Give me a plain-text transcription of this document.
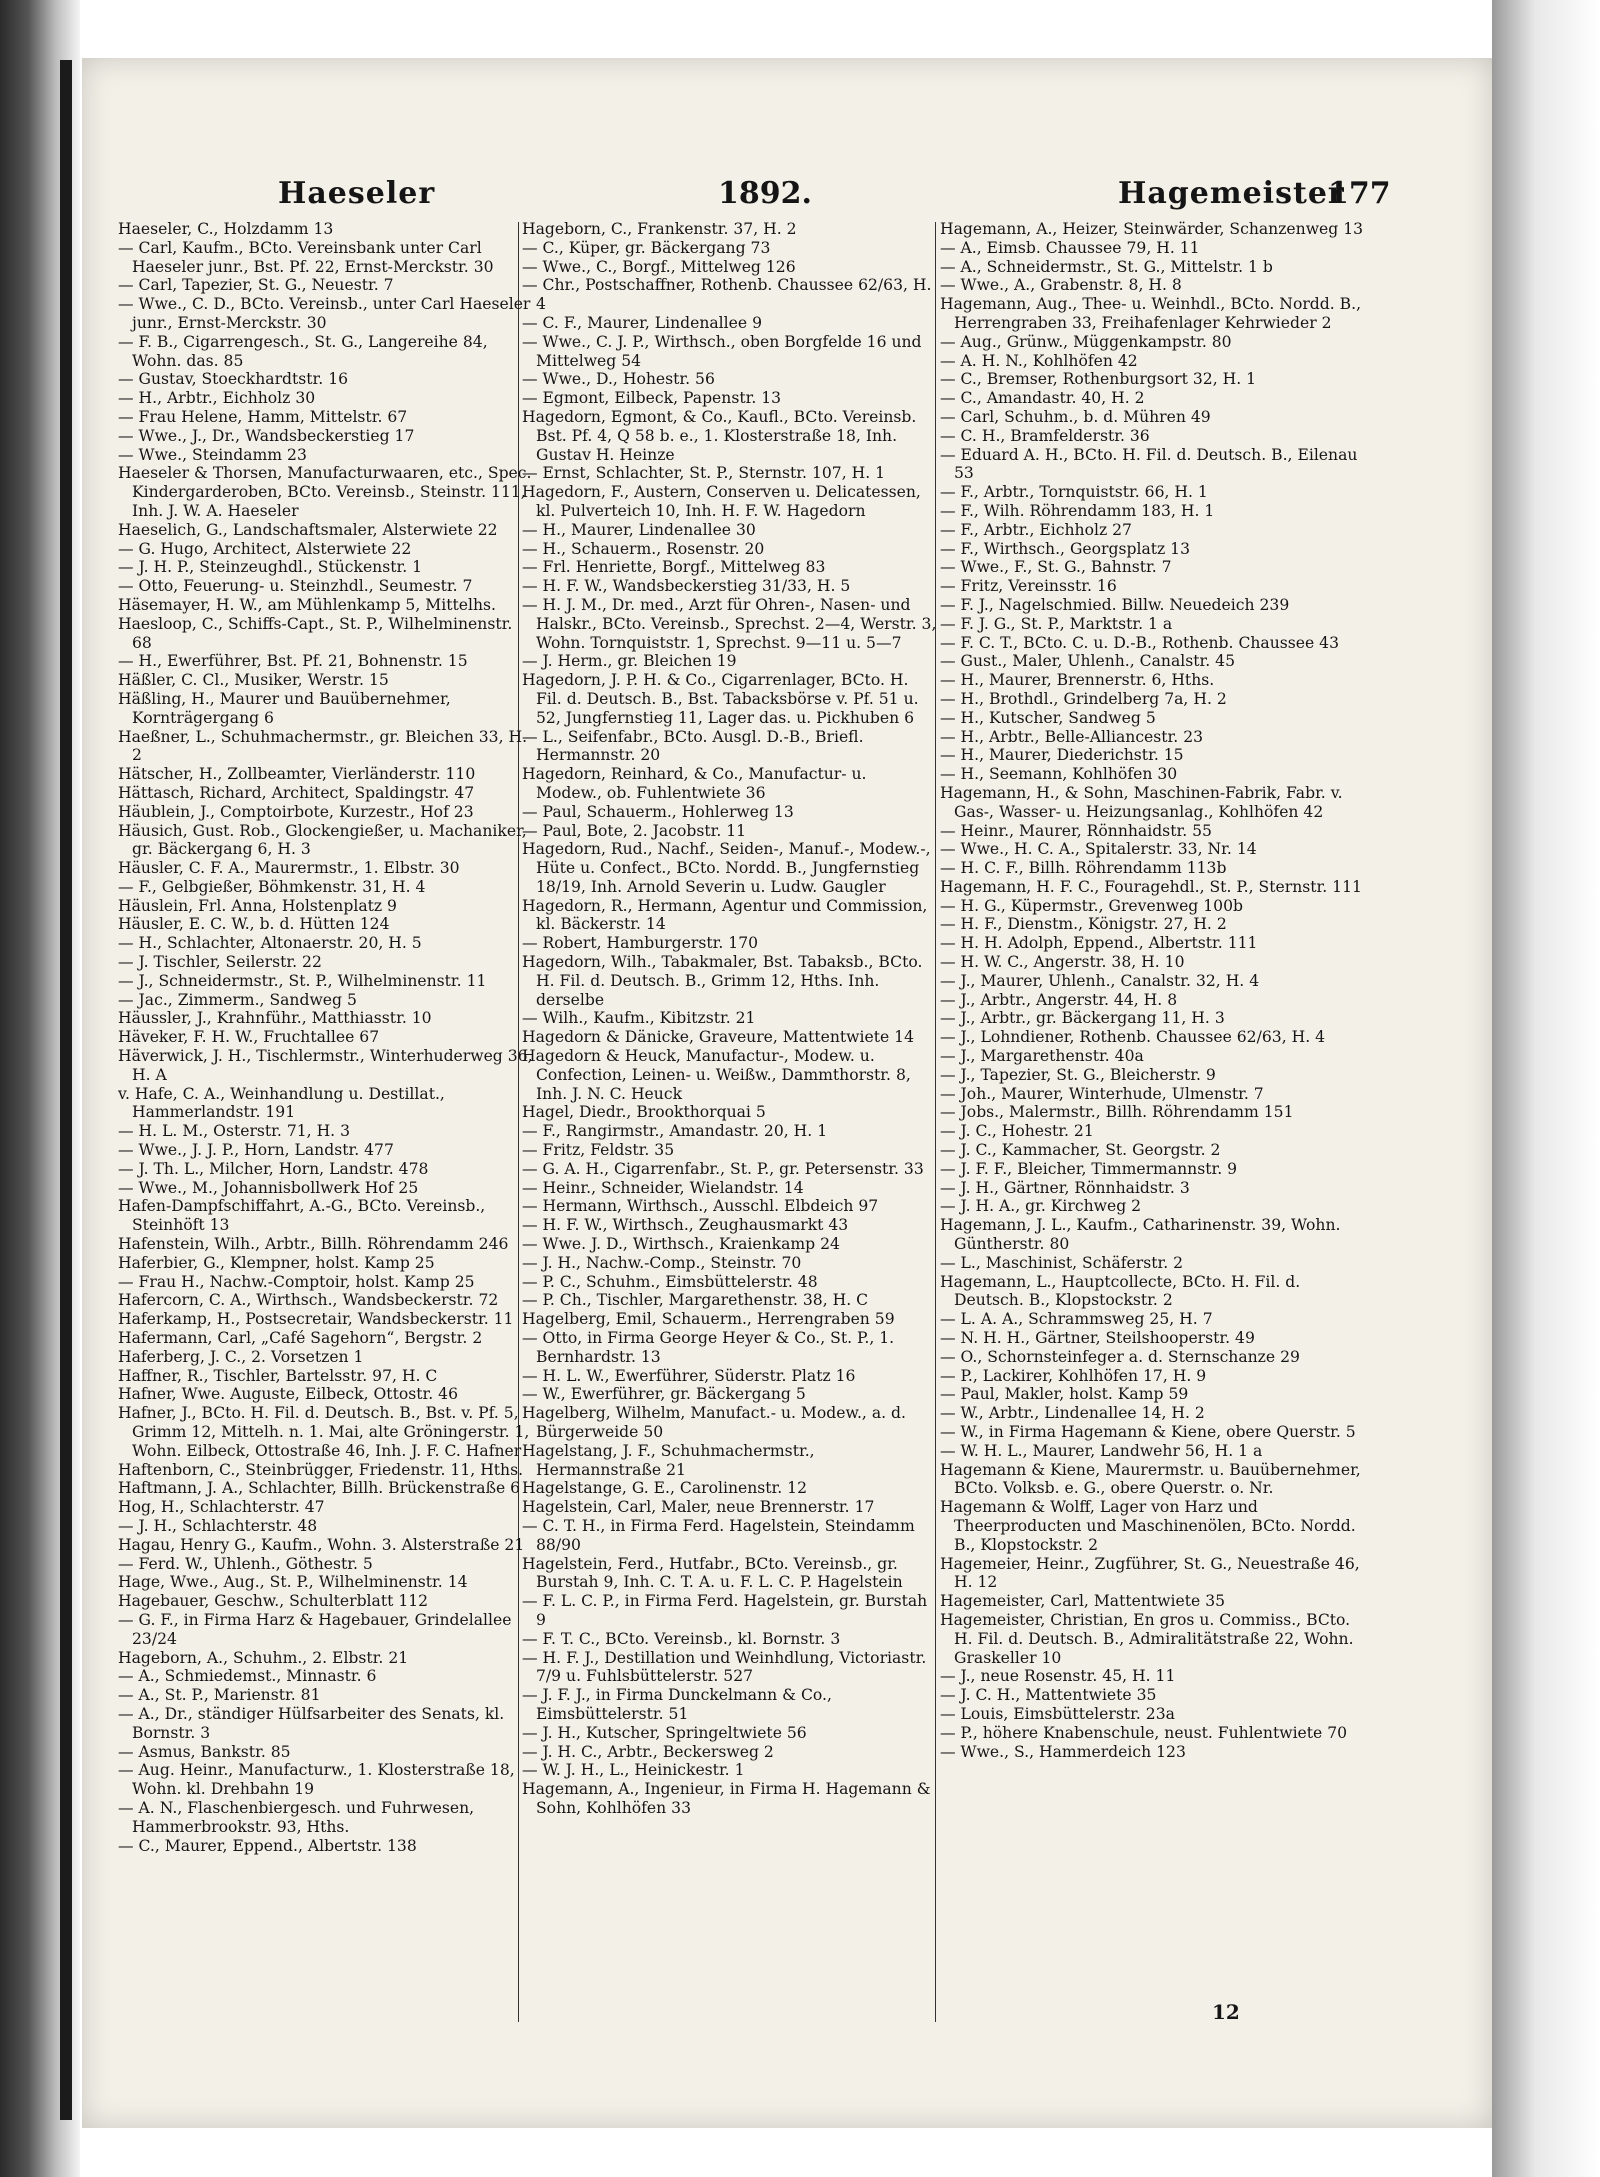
Haeseler	1892.	Hagemeister
177

Haeseler, C., Holzdamm 13

— Carl, Kaufm., BCto. Vereinsbank unter Carl Haeseler junr., Bst. Pf. 22, Ernst-Merckstr. 30

— Carl, Tapezier, St. G., Neuestr. 7

— Wwe., C. D., BCto. Vereinsb., unter Carl Haeseler junr., Ernst-Merckstr. 30

— F. B., Cigarrengesch., St. G., Langereihe 84, Wohn. das. 85

— Gustav, Stoeckhardtstr. 16

— H., Arbtr., Eichholz 30

— Frau Helene, Hamm, Mittelstr. 67

— Wwe., J., Dr., Wandsbeckerstieg 17

— Wwe., Steindamm 23

Haeseler & Thorsen, Manufacturwaaren, etc., Spec. Kindergarderoben, BCto. Vereinsb., Steinstr. 111, Inh. J. W. A. Haeseler

Haeselich, G., Landschaftsmaler, Alsterwiete 22

— G. Hugo, Architect, Alsterwiete 22

— J. H. P., Steinzeughdl., Stückenstr. 1

— Otto, Feuerung- u. Steinzhdl., Seumestr. 7

Häsemayer, H. W., am Mühlenkamp 5, Mittelhs.

Haesloop, C., Schiffs-Capt., St. P., Wilhelminenstr. 68

— H., Ewerführer, Bst. Pf. 21, Bohnenstr. 15

Häßler, C. Cl., Musiker, Werstr. 15

Häßling, H., Maurer und Bauübernehmer, Kornträgergang 6

Haeßner, L., Schuhmachermstr., gr. Bleichen 33, H. 2

Hätscher, H., Zollbeamter, Vierländerstr. 110

Hättasch, Richard, Architect, Spaldingstr. 47

Häublein, J., Comptoirbote, Kurzestr., Hof 23

Häusich, Gust. Rob., Glockengießer, u. Machaniker, gr. Bäckergang 6, H. 3

Häusler, C. F. A., Maurermstr., 1. Elbstr. 30

— F., Gelbgießer, Böhmkenstr. 31, H. 4

Häuslein, Frl. Anna, Holstenplatz 9

Häusler, E. C. W., b. d. Hütten 124

— H., Schlachter, Altonaerstr. 20, H. 5

— J. Tischler, Seilerstr. 22

— J., Schneidermstr., St. P., Wilhelminenstr. 11

— Jac., Zimmerm., Sandweg 5

Häussler, J., Krahnführ., Matthiasstr. 10

Häveker, F. H. W., Fruchtallee 67

Häverwick, J. H., Tischlermstr., Winterhuderweg 36, H. A

v. Hafe, C. A., Weinhandlung u. Destillat., Hammerlandstr. 191

— H. L. M., Osterstr. 71, H. 3

— Wwe., J. J. P., Horn, Landstr. 477

— J. Th. L., Milcher, Horn, Landstr. 478

— Wwe., M., Johannisbollwerk Hof 25

Hafen-Dampfschiffahrt, A.-G., BCto. Vereinsb., Steinhöft 13

Hafenstein, Wilh., Arbtr., Billh. Röhrendamm 246

Haferbier, G., Klempner, holst. Kamp 25

— Frau H., Nachw.-Comptoir, holst. Kamp 25

Hafercorn, C. A., Wirthsch., Wandsbeckerstr. 72

Haferkamp, H., Postsecretair, Wandsbeckerstr. 11

Hafermann, Carl, „Café Sagehorn“, Bergstr. 2

Haferberg, J. C., 2. Vorsetzen 1

Haffner, R., Tischler, Bartelsstr. 97, H. C

Hafner, Wwe. Auguste, Eilbeck, Ottostr. 46

Hafner, J., BCto. H. Fil. d. Deutsch. B., Bst. v. Pf. 5, Grimm 12, Mittelh. n. 1. Mai, alte Gröningerstr. 1, Wohn. Eilbeck, Ottostraße 46, Inh. J. F. C. Hafner

Haftenborn, C., Steinbrügger, Friedenstr. 11, Hths.

Haftmann, J. A., Schlachter, Billh. Brückenstraße 6

Hog, H., Schlachterstr. 47

— J. H., Schlachterstr. 48

Hagau, Henry G., Kaufm., Wohn. 3. Alsterstraße 21

— Ferd. W., Uhlenh., Göthestr. 5

Hage, Wwe., Aug., St. P., Wilhelminenstr. 14

Hagebauer, Geschw., Schulterblatt 112

— G. F., in Firma Harz & Hagebauer, Grindelallee 23/24

Hageborn, A., Schuhm., 2. Elbstr. 21

— A., Schmiedemst., Minnastr. 6

— A., St. P., Marienstr. 81

— A., Dr., ständiger Hülfsarbeiter des Senats, kl. Bornstr. 3

— Asmus, Bankstr. 85

— Aug. Heinr., Manufacturw., 1. Klosterstraße 18, Wohn. kl. Drehbahn 19

— A. N., Flaschenbiergesch. und Fuhrwesen, Hammerbrookstr. 93, Hths.

— C., Maurer, Eppend., Albertstr. 138

Hageborn, C., Frankenstr. 37, H. 2

— C., Küper, gr. Bäckergang 73

— Wwe., C., Borgf., Mittelweg 126

— Chr., Postschaffner, Rothenb. Chaussee 62/63, H. 4

— C. F., Maurer, Lindenallee 9

— Wwe., C. J. P., Wirthsch., oben Borgfelde 16 und Mittelweg 54

— Wwe., D., Hohestr. 56

— Egmont, Eilbeck, Papenstr. 13

Hagedorn, Egmont, & Co., Kaufl., BCto. Vereinsb. Bst. Pf. 4, Q 58 b. e., 1. Klosterstraße 18, Inh. Gustav H. Heinze

— Ernst, Schlachter, St. P., Sternstr. 107, H. 1

Hagedorn, F., Austern, Conserven u. Delicatessen, kl. Pulverteich 10, Inh. H. F. W. Hagedorn

— H., Maurer, Lindenallee 30

— H., Schauerm., Rosenstr. 20

— Frl. Henriette, Borgf., Mittelweg 83

— H. F. W., Wandsbeckerstieg 31/33, H. 5

— H. J. M., Dr. med., Arzt für Ohren-, Nasen- und Halskr., BCto. Vereinsb., Sprechst. 2—4, Werstr. 3, Wohn. Tornquiststr. 1, Sprechst. 9—11 u. 5—7

— J. Herm., gr. Bleichen 19

Hagedorn, J. P. H. & Co., Cigarrenlager, BCto. H. Fil. d. Deutsch. B., Bst. Tabacksbörse v. Pf. 51 u. 52, Jungfernstieg 11, Lager das. u. Pickhuben 6

— L., Seifenfabr., BCto. Ausgl. D.-B., Briefl. Hermannstr. 20

Hagedorn, Reinhard, & Co., Manufactur- u. Modew., ob. Fuhlentwiete 36

— Paul, Schauerm., Hohlerweg 13

— Paul, Bote, 2. Jacobstr. 11

Hagedorn, Rud., Nachf., Seiden-, Manuf.-, Modew.-, Hüte u. Confect., BCto. Nordd. B., Jungfernstieg 18/19, Inh. Arnold Severin u. Ludw. Gaugler

Hagedorn, R., Hermann, Agentur und Commission, kl. Bäckerstr. 14

— Robert, Hamburgerstr. 170

Hagedorn, Wilh., Tabakmaler, Bst. Tabaksb., BCto. H. Fil. d. Deutsch. B., Grimm 12, Hths. Inh. derselbe

— Wilh., Kaufm., Kibitzstr. 21

Hagedorn & Dänicke, Graveure, Mattentwiete 14

Hagedorn & Heuck, Manufactur-, Modew. u. Confection, Leinen- u. Weißw., Dammthorstr. 8, Inh. J. N. C. Heuck

Hagel, Diedr., Brookthorquai 5

— F., Rangirmstr., Amandastr. 20, H. 1

— Fritz, Feldstr. 35

— G. A. H., Cigarrenfabr., St. P., gr. Petersenstr. 33

— Heinr., Schneider, Wielandstr. 14

— Hermann, Wirthsch., Ausschl. Elbdeich 97

— H. F. W., Wirthsch., Zeughausmarkt 43

— Wwe. J. D., Wirthsch., Kraienkamp 24

— J. H., Nachw.-Comp., Steinstr. 70

— P. C., Schuhm., Eimsbüttelerstr. 48

— P. Ch., Tischler, Margarethenstr. 38, H. C

Hagelberg, Emil, Schauerm., Herrengraben 59

— Otto, in Firma George Heyer & Co., St. P., 1. Bernhardstr. 13

— H. L. W., Ewerführer, Süderstr. Platz 16

— W., Ewerführer, gr. Bäckergang 5

Hagelberg, Wilhelm, Manufact.- u. Modew., a. d. Bürgerweide 50

Hagelstang, J. F., Schuhmachermstr., Hermannstraße 21

Hagelstange, G. E., Carolinenstr. 12

Hagelstein, Carl, Maler, neue Brennerstr. 17

— C. T. H., in Firma Ferd. Hagelstein, Steindamm 88/90

Hagelstein, Ferd., Hutfabr., BCto. Vereinsb., gr. Burstah 9, Inh. C. T. A. u. F. L. C. P. Hagelstein

— F. L. C. P., in Firma Ferd. Hagelstein, gr. Burstah 9

— F. T. C., BCto. Vereinsb., kl. Bornstr. 3

— H. F. J., Destillation und Weinhdlung, Victoriastr. 7/9 u. Fuhlsbüttelerstr. 527

— J. F. J., in Firma Dunckelmann & Co., Eimsbüttelerstr. 51

— J. H., Kutscher, Springeltwiete 56

— J. H. C., Arbtr., Beckersweg 2

— W. J. H., L., Heinickestr. 1

Hagemann, A., Ingenieur, in Firma H. Hagemann & Sohn, Kohlhöfen 33

Hagemann, A., Heizer, Steinwärder, Schanzenweg 13

— A., Eimsb. Chaussee 79, H. 11

— A., Schneidermstr., St. G., Mittelstr. 1 b

— Wwe., A., Grabenstr. 8, H. 8

Hagemann, Aug., Thee- u. Weinhdl., BCto. Nordd. B., Herrengraben 33, Freihafenlager Kehrwieder 2

— Aug., Grünw., Müggenkampstr. 80

— A. H. N., Kohlhöfen 42

— C., Bremser, Rothenburgsort 32, H. 1

— C., Amandastr. 40, H. 2

— Carl, Schuhm., b. d. Mühren 49

— C. H., Bramfelderstr. 36

— Eduard A. H., BCto. H. Fil. d. Deutsch. B., Eilenau 53

— F., Arbtr., Tornquiststr. 66, H. 1

— F., Wilh. Röhrendamm 183, H. 1

— F., Arbtr., Eichholz 27

— F., Wirthsch., Georgsplatz 13

— Wwe., F., St. G., Bahnstr. 7

— Fritz, Vereinsstr. 16

— F. J., Nagelschmied. Billw. Neuedeich 239

— F. J. G., St. P., Marktstr. 1 a

— F. C. T., BCto. C. u. D.-B., Rothenb. Chaussee 43

— Gust., Maler, Uhlenh., Canalstr. 45

— H., Maurer, Brennerstr. 6, Hths.

— H., Brothdl., Grindelberg 7a, H. 2

— H., Kutscher, Sandweg 5

— H., Arbtr., Belle-Alliancestr. 23

— H., Maurer, Diederichstr. 15

— H., Seemann, Kohlhöfen 30

Hagemann, H., & Sohn, Maschinen-Fabrik, Fabr. v. Gas-, Wasser- u. Heizungsanlag., Kohlhöfen 42

— Heinr., Maurer, Rönnhaidstr. 55

— Wwe., H. C. A., Spitalerstr. 33, Nr. 14

— H. C. F., Billh. Röhrendamm 113b

Hagemann, H. F. C., Fouragehdl., St. P., Sternstr. 111

— H. G., Küpermstr., Grevenweg 100b

— H. F., Dienstm., Königstr. 27, H. 2

— H. H. Adolph, Eppend., Albertstr. 111

— H. W. C., Angerstr. 38, H. 10

— J., Maurer, Uhlenh., Canalstr. 32, H. 4

— J., Arbtr., Angerstr. 44, H. 8

— J., Arbtr., gr. Bäckergang 11, H. 3

— J., Lohndiener, Rothenb. Chaussee 62/63, H. 4

— J., Margarethenstr. 40a

— J., Tapezier, St. G., Bleicherstr. 9

— Joh., Maurer, Winterhude, Ulmenstr. 7

— Jobs., Malermstr., Billh. Röhrendamm 151

— J. C., Hohestr. 21

— J. C., Kammacher, St. Georgstr. 2

— J. F. F., Bleicher, Timmermannstr. 9

— J. H., Gärtner, Rönnhaidstr. 3

— J. H. A., gr. Kirchweg 2

Hagemann, J. L., Kaufm., Catharinenstr. 39, Wohn. Güntherstr. 80

— L., Maschinist, Schäferstr. 2

Hagemann, L., Hauptcollecte, BCto. H. Fil. d. Deutsch. B., Klopstockstr. 2

— L. A. A., Schrammsweg 25, H. 7

— N. H. H., Gärtner, Steilshooperstr. 49

— O., Schornsteinfeger a. d. Sternschanze 29

— P., Lackirer, Kohlhöfen 17, H. 9

— Paul, Makler, holst. Kamp 59

— W., Arbtr., Lindenallee 14, H. 2

— W., in Firma Hagemann & Kiene, obere Querstr. 5

— W. H. L., Maurer, Landwehr 56, H. 1 a

Hagemann & Kiene, Maurermstr. u. Bauübernehmer, BCto. Volksb. e. G., obere Querstr. o. Nr.

Hagemann & Wolff, Lager von Harz und Theerproducten und Maschinenölen, BCto. Nordd. B., Klopstockstr. 2

Hagemeier, Heinr., Zugführer, St. G., Neuestraße 46, H. 12

Hagemeister, Carl, Mattentwiete 35

Hagemeister, Christian, En gros u. Commiss., BCto. H. Fil. d. Deutsch. B., Admiralitätstraße 22, Wohn. Graskeller 10

— J., neue Rosenstr. 45, H. 11

— J. C. H., Mattentwiete 35

— Louis, Eimsbüttelerstr. 23a

— P., höhere Knabenschule, neust. Fuhlentwiete 70

— Wwe., S., Hammerdeich 123

12
